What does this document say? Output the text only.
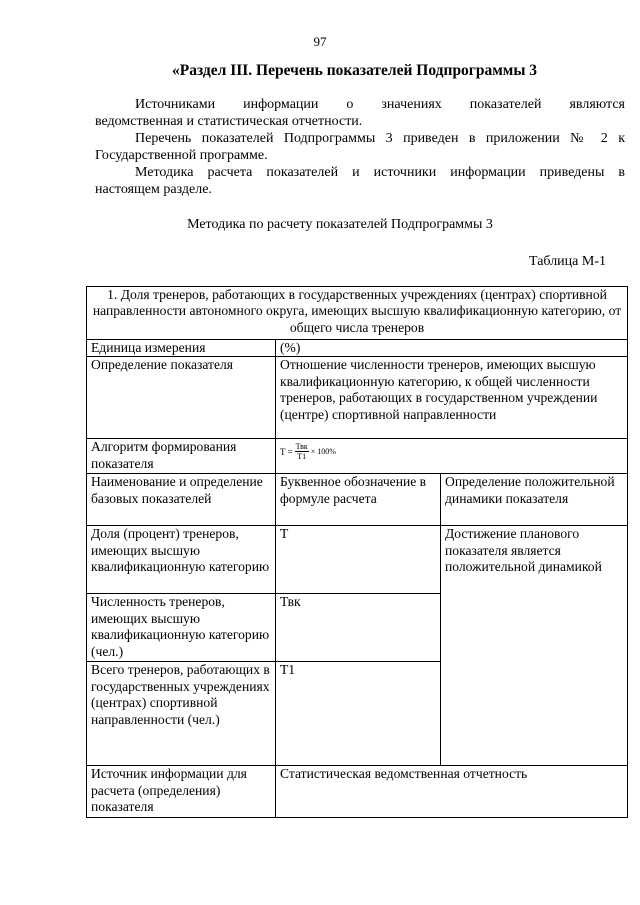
97
«Раздел III. Перечень показателей Подпрограммы 3
Источниками информации о значениях показателей являются
ведомственная и статистическая отчетности.
Перечень показателей Подпрограммы 3 приведен в приложении № 2 к
Государственной программе.
Методика расчета показателей и источники информации приведены в
настоящем разделе.
Методика по расчету показателей Подпрограммы 3
Таблица М-1
1. Доля тренеров, работающих в государственных учреждениях (центрах) спортивной направленности автономного округа, имеющих высшую квалификационную категорию, от общего числа тренеров		
Единица измерения	(%)	
Определение показателя	Отношение численности тренеров, имеющих высшую квалификационную категорию, к общей численности тренеров, работающих в государственном учреждении (центре) спортивной направленности	
Алгоритм формирования показателя	$T = \frac{\text{Твк}}{T1} \times 100\%$	

Наименование и определение базовых показателей	Буквенное обозначение в формуле расчета	Определение положительной динамики показателя
Доля (процент) тренеров, имеющих высшую квалификационную категорию	T	Достижение планового показателя является положительной динамикой
Численность тренеров, имеющих высшую квалификационную категорию (чел.)	Твк	
Всего тренеров, работающих в государственных учреждениях (центрах) спортивной направленности (чел.)	T1	
Источник информации для расчета (определения) показателя	Статистическая ведомственная отчетность	
